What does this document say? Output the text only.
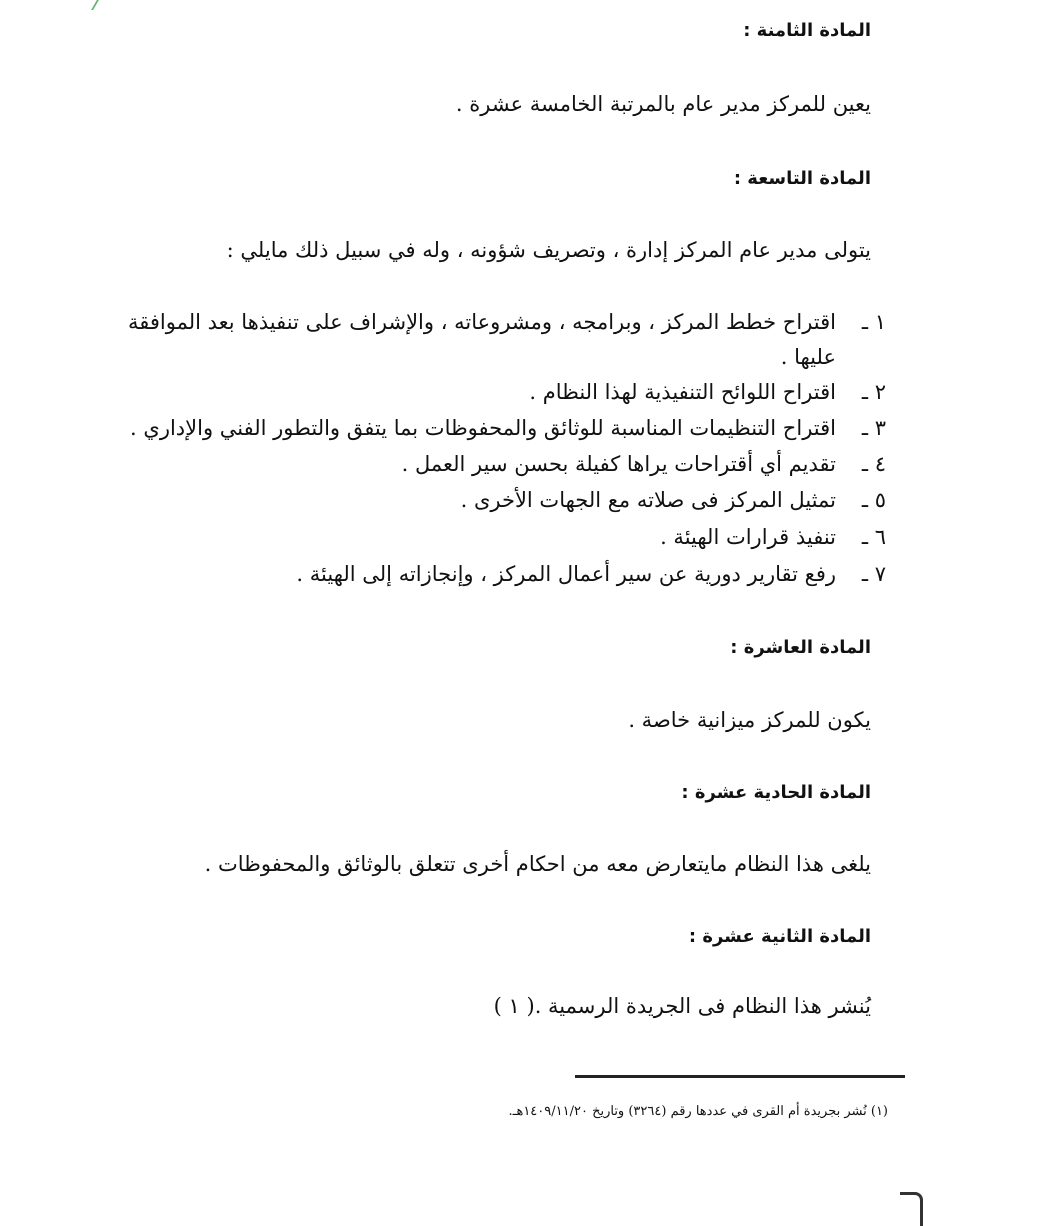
المادة الثامنة :
يعين للمركز مدير عام بالمرتبة الخامسة عشرة .
المادة التاسعة :
يتولى مدير عام المركز إدارة ، وتصريف شؤونه ، وله في سبيل ذلك مايلي :
١ ـاقتراح خطط المركز ، وبرامجه ، ومشروعاته ، والإشراف على تنفيذها بعد الموافقة
عليها .
٢ ـاقتراح اللوائح التنفيذية لهذا النظام .
٣ ـاقتراح التنظيمات المناسبة للوثائق والمحفوظات بما يتفق والتطور الفني والإداري .
٤ ـتقديم أي أقتراحات يراها كفيلة بحسن سير العمل .
٥ ـتمثيل المركز فى صلاته مع الجهات الأخرى .
٦ ـتنفيذ قرارات الهيئة .
٧ ـرفع تقارير دورية عن سير أعمال المركز ، وإنجازاته إلى الهيئة .
المادة العاشرة :
يكون للمركز ميزانية خاصة .
المادة الحادية عشرة :
يلغى هذا النظام مايتعارض معه من احكام أخرى تتعلق بالوثائق والمحفوظات .
المادة الثانية عشرة :
يُنشر هذا النظام فى الجريدة الرسمية .( ١ )
(١) نُشر بجريدة أم القرى في عددها رقم (٣٢٦٤) وتاريخ ١٤٠٩/١١/٢٠هـ.
